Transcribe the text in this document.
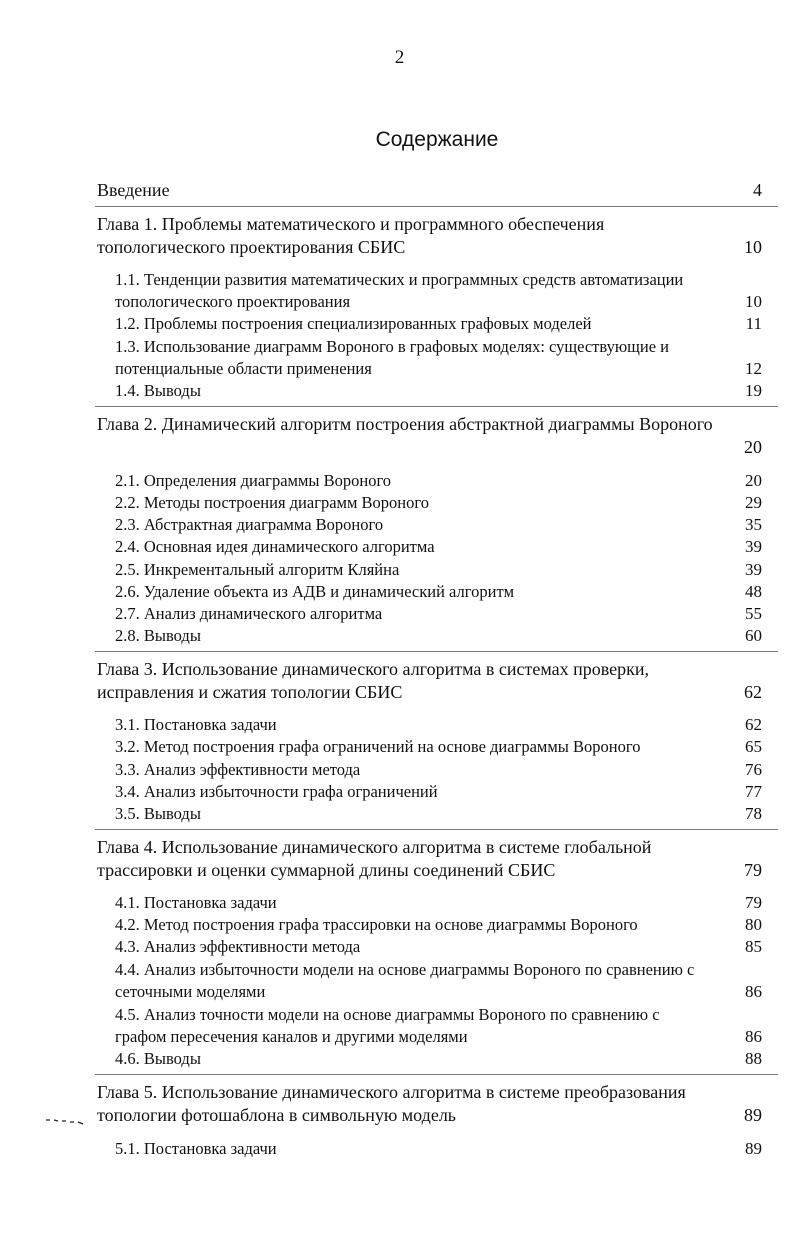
2
Содержание
Введение	4
Глава 1. Проблемы математического и программного обеспечения
топологического проектирования СБИС	10
1.1. Тенденции развития математических и программных средств автоматизации
топологического проектирования	10
1.2. Проблемы построения специализированных графовых моделей	11
1.3. Использование диаграмм Вороного в графовых моделях: существующие и
потенциальные области применения	12
1.4. Выводы	19
Глава 2. Динамический алгоритм построения абстрактной диаграммы Вороного
20
2.1. Определения диаграммы Вороного	20
2.2. Методы построения диаграмм Вороного	29
2.3. Абстрактная диаграмма Вороного	35
2.4. Основная идея динамического алгоритма	39
2.5. Инкрементальный алгоритм Кляйна	39
2.6. Удаление объекта из АДВ и динамический алгоритм	48
2.7. Анализ динамического алгоритма	55
2.8. Выводы	60
Глава 3. Использование динамического алгоритма в системах проверки,
исправления и сжатия топологии СБИС	62
3.1. Постановка задачи	62
3.2. Метод построения графа ограничений на основе диаграммы Вороного	65
3.3. Анализ эффективности метода	76
3.4. Анализ избыточности графа ограничений	77
3.5. Выводы	78
Глава 4. Использование динамического алгоритма в системе глобальной
трассировки и оценки суммарной длины соединений СБИС	79
4.1. Постановка задачи	79
4.2. Метод построения графа трассировки на основе диаграммы Вороного	80
4.3. Анализ эффективности метода	85
4.4. Анализ избыточности модели на основе диаграммы Вороного по сравнению с
сеточными моделями	86
4.5. Анализ точности модели на основе диаграммы Вороного по сравнению с
графом пересечения каналов и другими моделями	86
4.6. Выводы	88
Глава 5. Использование динамического алгоритма в системе преобразования
топологии фотошаблона в символьную модель	89
5.1. Постановка задачи	89
